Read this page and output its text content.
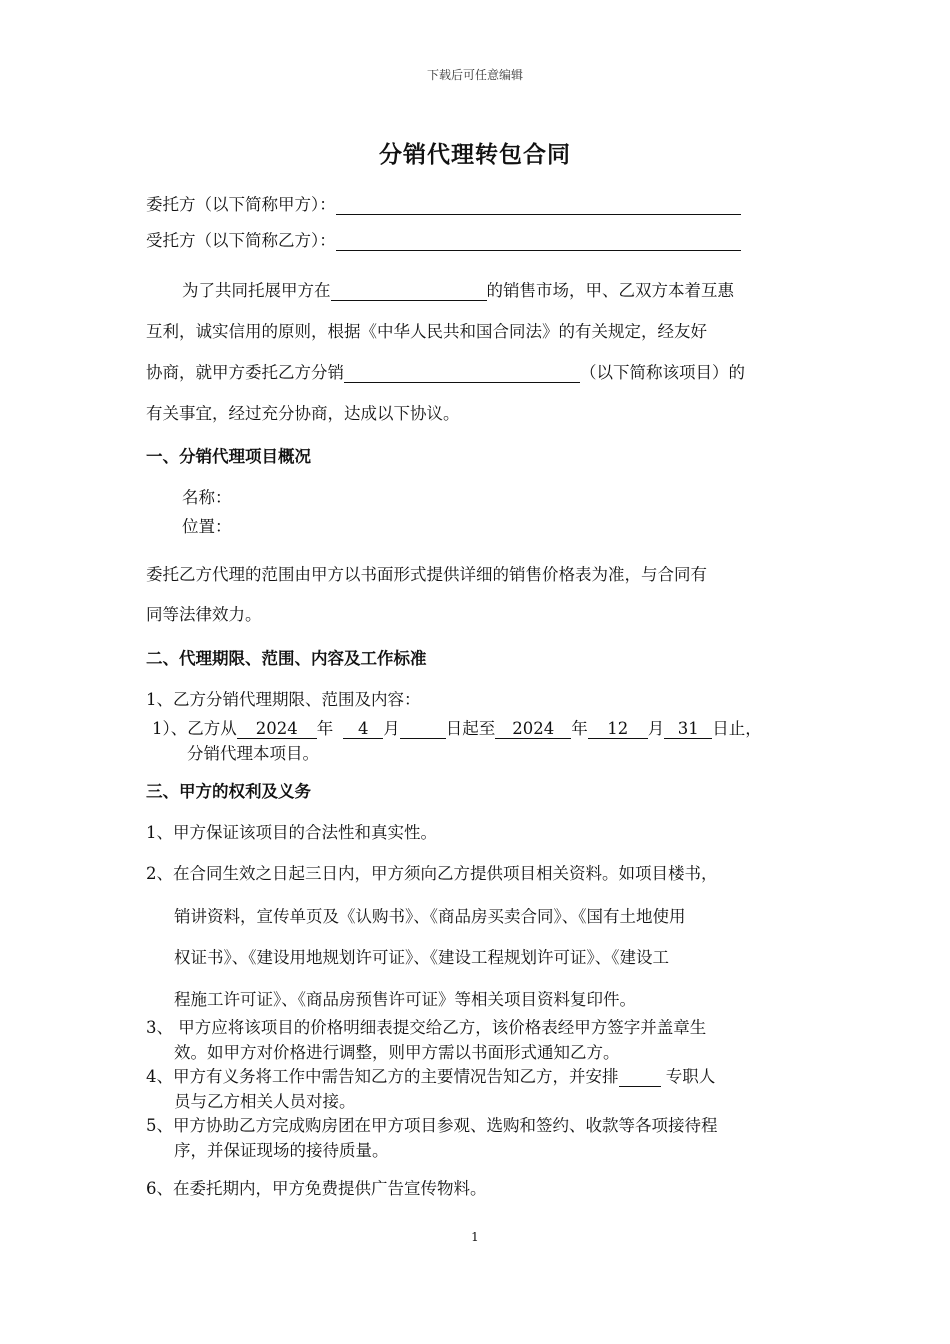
下载后可任意编辑
分销代理转包合同
委托方（以下简称甲方）：
受托方（以下简称乙方）：
为了共同托展甲方在	的销售市场，甲、乙双方本着互惠
互利，诚实信用的原则，根据《中华人民共和国合同法》的有关规定，经友好
协商，就甲方委托乙方分销	（以下简称该项目）的
有关事宜，经过充分协商，达成以下协议。
一、分销代理项目概况
名称：
位置：
委托乙方代理的范围由甲方以书面形式提供详细的销售价格表为准，与合同有
同等法律效力。
二、代理期限、范围、内容及工作标准
1、乙方分销代理期限、范围及内容：
1）、乙方从 2024 年 4 月	日起至 2024 年 12 月 31 日止，
分销代理本项目。
三、甲方的权利及义务
1、甲方保证该项目的合法性和真实性。
2、在合同生效之日起三日内，甲方须向乙方提供项目相关资料。如项目楼书，
销讲资料，宣传单页及《认购书》、《商品房买卖合同》、《国有土地使用
权证书》、《建设用地规划许可证》、《建设工程规划许可证》、《建设工
程施工许可证》、《商品房预售许可证》等相关项目资料复印件。
3、 甲方应将该项目的价格明细表提交给乙方，该价格表经甲方签字并盖章生
效。如甲方对价格进行调整，则甲方需以书面形式通知乙方。
4、甲方有义务将工作中需告知乙方的主要情况告知乙方，并安排	专职人
员与乙方相关人员对接。
5、甲方协助乙方完成购房团在甲方项目参观、选购和签约、收款等各项接待程
序，并保证现场的接待质量。
6、在委托期内，甲方免费提供广告宣传物料。
1
